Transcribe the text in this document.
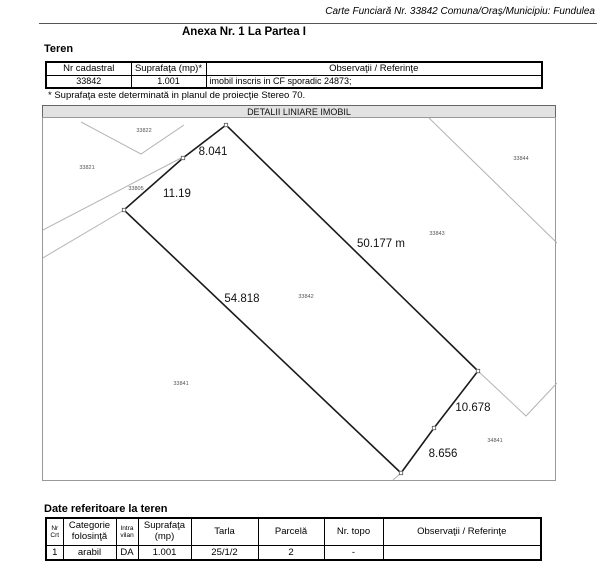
Carte Funciară Nr. 33842 Comuna/Oraş/Municipiu: Fundulea
Anexa Nr. 1 La Partea I
Teren
Nr cadastral	Suprafaţa (mp)*	Observaţii / Referinţe
33842	1.001	imobil inscris in CF sporadic 24873;
* Suprafaţa este determinată in planul de proiecţie Stereo 70.
DETALII LINIARE IMOBIL
8.041
11.19
50.177 m
54.818
10.678
8.656
33822
33821
33805
33844
33843
33842
33841
34841
Date referitoare la teren
Nr Crt	Categorie folosinţă	Intra vilan	Suprafaţa (mp)	Tarla	Parcelă	Nr. topo	Observaţii / Referinţe
1	arabil	DA	1.001	25/1/2	2	-	
